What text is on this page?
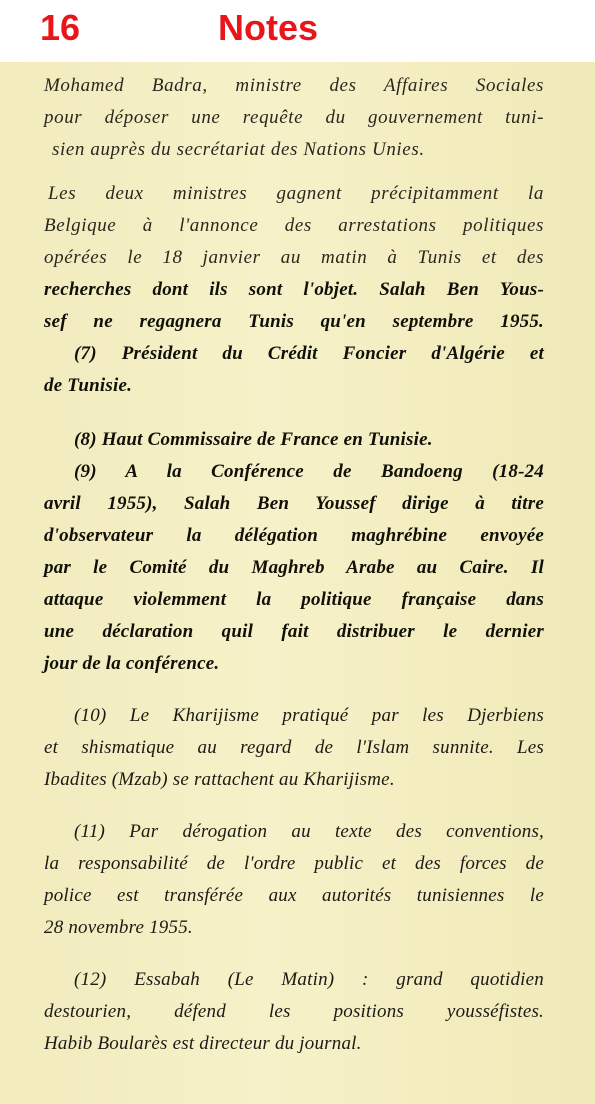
16	Notes
Mohamed Badra, ministre des Affaires Sociales
pour déposer une requête du gouvernement tuni-
sien auprès du secrétariat des Nations Unies.
Les deux ministres gagnent précipitamment la
Belgique à l'annonce des arrestations politiques
opérées le 18 janvier au matin à Tunis et des
recherches dont ils sont l'objet. Salah Ben Yous-
sef ne regagnera Tunis qu'en septembre 1955.
(7) Président du Crédit Foncier d'Algérie et
de Tunisie.
(8) Haut Commissaire de France en Tunisie.
(9) A la Conférence de Bandoeng (18-24
avril 1955), Salah Ben Youssef dirige à titre
d'observateur la délégation maghrébine envoyée
par le Comité du Maghreb Arabe au Caire. Il
attaque violemment la politique française dans
une déclaration quil fait distribuer le dernier
jour de la conférence.
(10) Le Kharijisme pratiqué par les Djerbiens
et shismatique au regard de l'Islam sunnite. Les
Ibadites (Mzab) se rattachent au Kharijisme.
(11) Par dérogation au texte des conventions,
la responsabilité de l'ordre public et des forces de
police est transférée aux autorités tunisiennes le
28 novembre 1955.
(12) Essabah (Le Matin) : grand quotidien
destourien, défend les positions yousséfistes.
Habib Boularès est directeur du journal.
